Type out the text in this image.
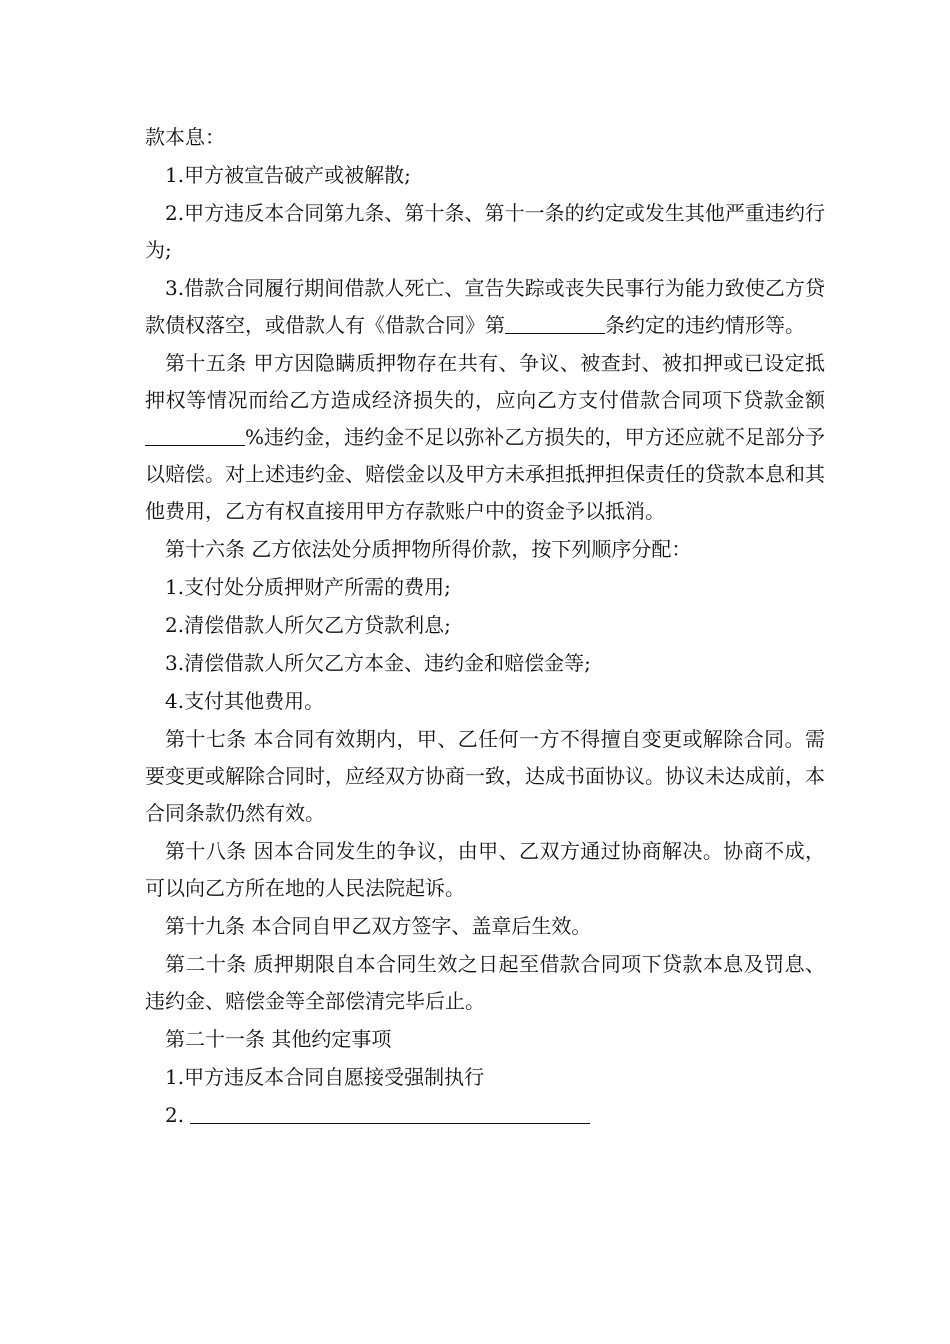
款本息：

1.甲方被宣告破产或被解散;

2.甲方违反本合同第九条、第十条、第十一条的约定或发生其他严重违约行为;

3.借款合同履行期间借款人死亡、宣告失踪或丧失民事行为能力致使乙方贷款债权落空，或借款人有《借款合同》第	条约定的违约情形等。

第十五条 甲方因隐瞒质押物存在共有、争议、被查封、被扣押或已设定抵押权等情况而给乙方造成经济损失的，应向乙方支付借款合同项下贷款金额%违约金，违约金不足以弥补乙方损失的，甲方还应就不足部分予以赔偿。对上述违约金、赔偿金以及甲方未承担抵押担保责任的贷款本息和其他费用，乙方有权直接用甲方存款账户中的资金予以抵消。

第十六条 乙方依法处分质押物所得价款，按下列顺序分配：

1.支付处分质押财产所需的费用;

2.清偿借款人所欠乙方贷款利息;

3.清偿借款人所欠乙方本金、违约金和赔偿金等;

4.支付其他费用。

第十七条 本合同有效期内，甲、乙任何一方不得擅自变更或解除合同。需要变更或解除合同时，应经双方协商一致，达成书面协议。协议未达成前，本合同条款仍然有效。

第十八条 因本合同发生的争议，由甲、乙双方通过协商解决。协商不成，可以向乙方所在地的人民法院起诉。

第十九条 本合同自甲乙双方签字、盖章后生效。

第二十条 质押期限自本合同生效之日起至借款合同项下贷款本息及罚息、违约金、赔偿金等全部偿清完毕后止。

第二十一条 其他约定事项

1.甲方违反本合同自愿接受强制执行

2.
